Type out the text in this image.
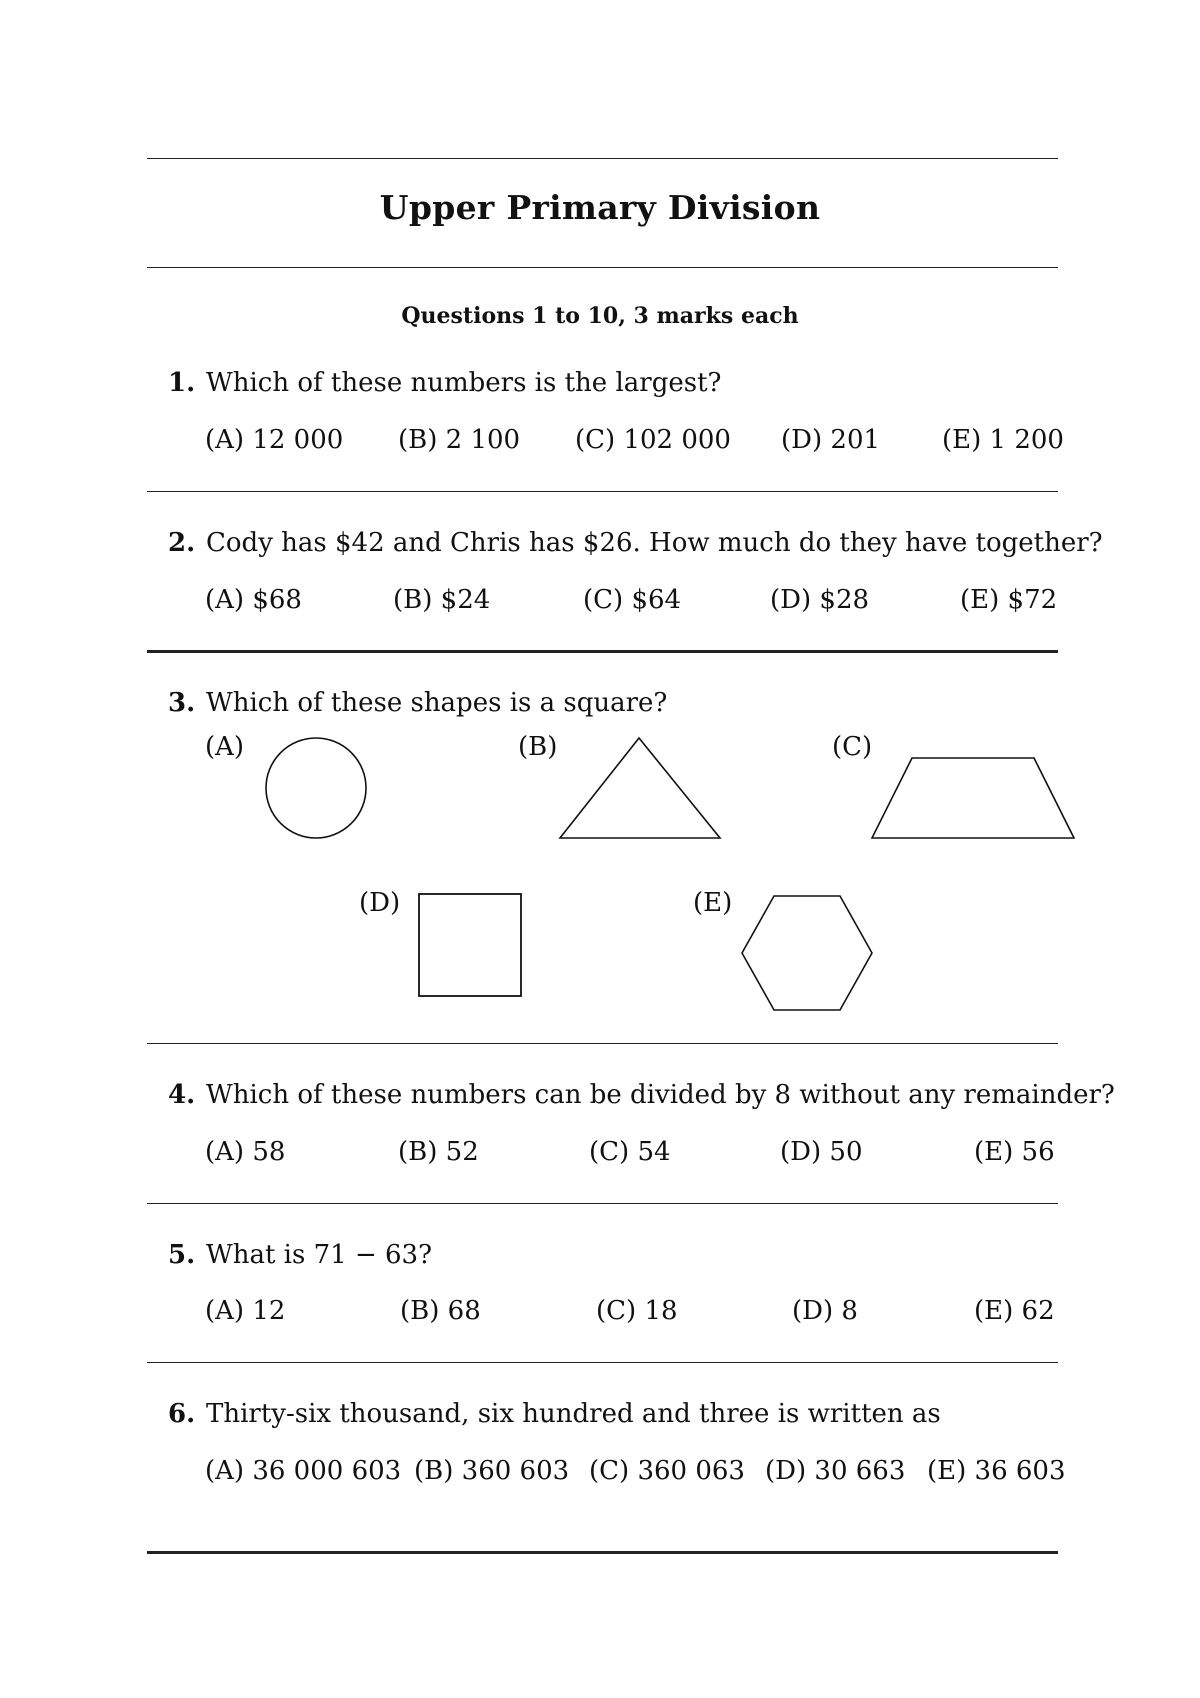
Upper Primary Division
Questions 1 to 10, 3 marks each
1. Which of these numbers is the largest?
(A) 12 000 (B) 2 100 (C) 102 000 (D) 201 (E) 1 200
2. Cody has $42 and Chris has $26. How much do they have together?
(A) $68	(B) $24	(C) $64	(D) $28	(E) $72
3. Which of these shapes is a square?
(A)	(B)	(C)
(D)	(E)
4. Which of these numbers can be divided by 8 without any remainder?
(A) 58	(B) 52	(C) 54	(D) 50	(E) 56
5. What is 71 − 63?
(A) 12	(B) 68	(C) 18	(D) 8	(E) 62
6. Thirty-six thousand, six hundred and three is written as
(A) 36 000 603 (B) 360 603 (C) 360 063 (D) 30 663 (E) 36 603
